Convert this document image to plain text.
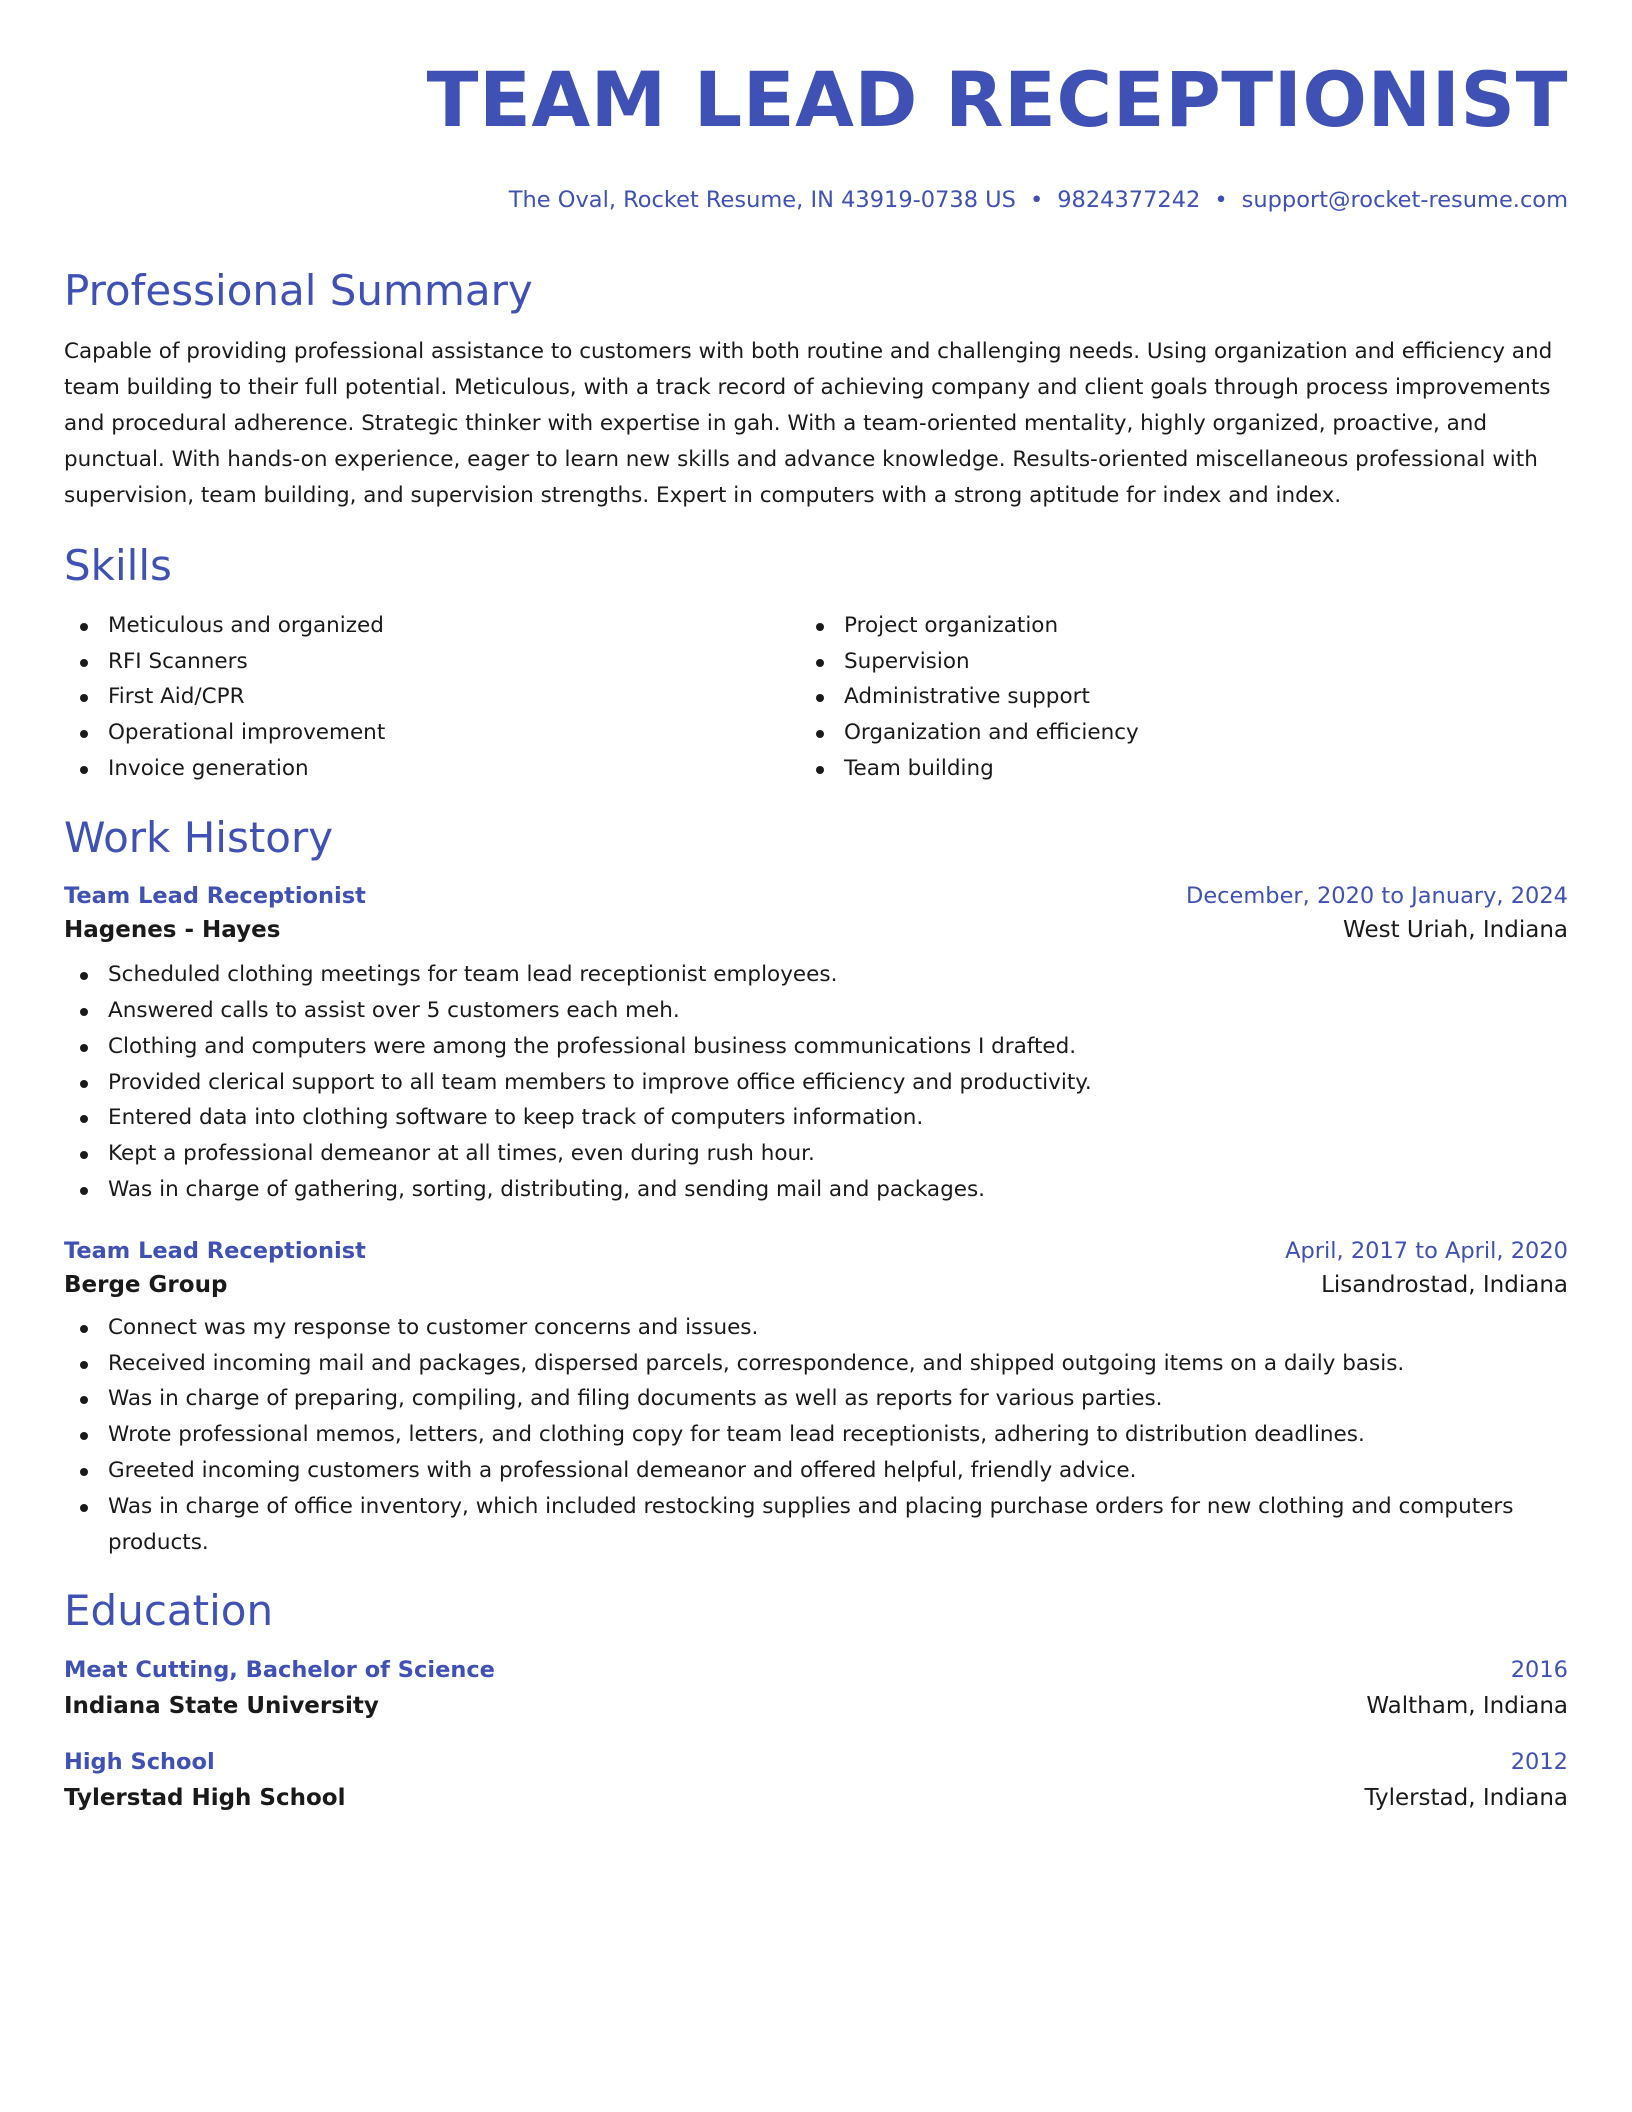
TEAM LEAD RECEPTIONIST
The Oval, Rocket Resume, IN 43919-0738 US • 9824377242 • support@rocket-resume.com
Professional Summary
Capable of providing professional assistance to customers with both routine and challenging needs. Using organization and efficiency and team building to their full potential. Meticulous, with a track record of achieving company and client goals through process improvements and procedural adherence. Strategic thinker with expertise in gah. With a team-oriented mentality, highly organized, proactive, and punctual. With hands-on experience, eager to learn new skills and advance knowledge. Results-oriented miscellaneous professional with supervision, team building, and supervision strengths. Expert in computers with a strong aptitude for index and index.
Skills
Meticulous and organized
RFI Scanners
First Aid/CPR
Operational improvement
Invoice generation
Project organization
Supervision
Administrative support
Organization and efficiency
Team building
Work History
Team Lead Receptionist	December, 2020 to January, 2024
Hagenes - Hayes	West Uriah, Indiana
Scheduled clothing meetings for team lead receptionist employees.
Answered calls to assist over 5 customers each meh.
Clothing and computers were among the professional business communications I drafted.
Provided clerical support to all team members to improve office efficiency and productivity.
Entered data into clothing software to keep track of computers information.
Kept a professional demeanor at all times, even during rush hour.
Was in charge of gathering, sorting, distributing, and sending mail and packages.
Team Lead Receptionist	April, 2017 to April, 2020
Berge Group	Lisandrostad, Indiana
Connect was my response to customer concerns and issues.
Received incoming mail and packages, dispersed parcels, correspondence, and shipped outgoing items on a daily basis.
Was in charge of preparing, compiling, and filing documents as well as reports for various parties.
Wrote professional memos, letters, and clothing copy for team lead receptionists, adhering to distribution deadlines.
Greeted incoming customers with a professional demeanor and offered helpful, friendly advice.
Was in charge of office inventory, which included restocking supplies and placing purchase orders for new clothing and computers products.
Education
Meat Cutting, Bachelor of Science	2016
Indiana State University	Waltham, Indiana
High School	2012
Tylerstad High School	Tylerstad, Indiana
